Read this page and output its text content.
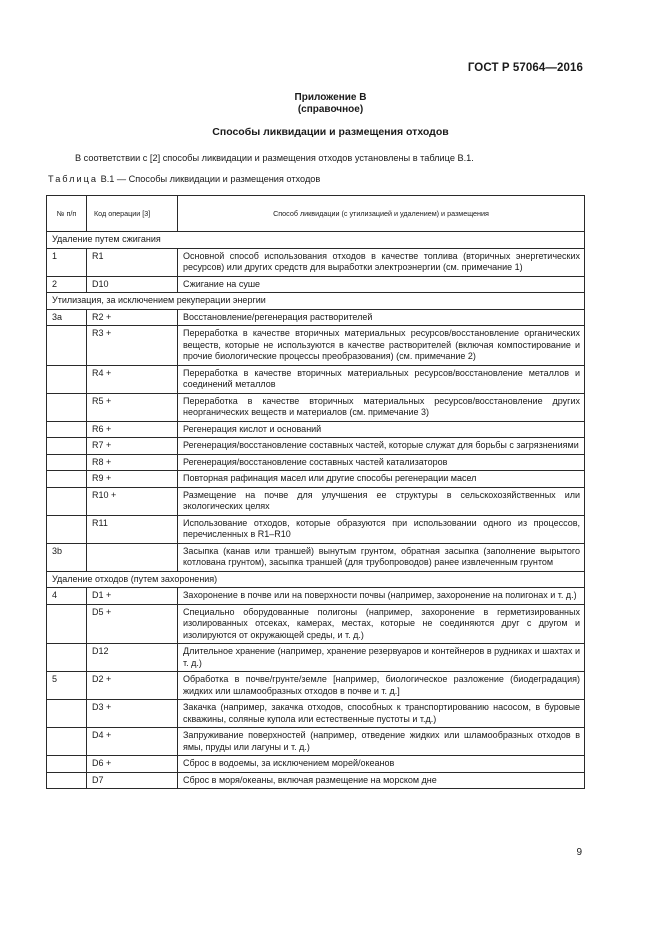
ГОСТ Р 57064—2016
Приложение В
(справочное)
Способы ликвидации и размещения отходов
В соответствии с [2] способы ликвидации и размещения отходов установлены в таблице В.1.
Таблица В.1 — Способы ликвидации и размещения отходов
№ п/п	Код операции [3]	Способ ликвидации (с утилизацией и удалением) и размещения
Удаление путем сжигания		
1	R1	Основной способ использования отходов в качестве топлива (вторичных энергетических ресурсов) или других средств для выработки электроэнергии (см. примечание 1)
2	D10	Сжигание на суше
Утилизация, за исключением рекуперации энергии		
3a	R2 +	Восстановление/регенерация растворителей
	R3 +	Переработка в качестве вторичных материальных ресурсов/восстановление органических веществ, которые не используются в качестве растворителей (включая компостирование и прочие биологические процессы преобразования) (см. примечание 2)
	R4 +	Переработка в качестве вторичных материальных ресурсов/восстановление металлов и соединений металлов
	R5 +	Переработка в качестве вторичных материальных ресурсов/восстановление других неорганических веществ и материалов (см. примечание 3)
	R6 +	Регенерация кислот и оснований
	R7 +	Регенерация/восстановление составных частей, которые служат для борьбы с загрязнениями
	R8 +	Регенерация/восстановление составных частей катализаторов
	R9 +	Повторная рафинация масел или другие способы регенерации масел
	R10 +	Размещение на почве для улучшения ее структуры в сельскохозяйственных или экологических целях
	R11	Использование отходов, которые образуются при использовании одного из процессов, перечисленных в R1–R10
3b		Засыпка (канав или траншей) вынутым грунтом, обратная засыпка (заполнение вырытого котлована грунтом), засыпка траншей (для трубопроводов) ранее извлеченным грунтом
Удаление отходов (путем захоронения)		
4	D1 +	Захоронение в почве или на поверхности почвы (например, захоронение на полигонах и т. д.)
	D5 +	Специально оборудованные полигоны (например, захоронение в герметизированных изолированных отсеках, камерах, местах, которые не соединяются друг с другом и изолируются от окружающей среды, и т. д.)
	D12	Длительное хранение (например, хранение резервуаров и контейнеров в рудниках и шахтах и т. д.)
5	D2 +	Обработка в почве/грунте/земле [например, биологическое разложение (биодеградация) жидких или шламообразных отходов в почве и т. д.]
	D3 +	Закачка (например, закачка отходов, способных к транспортированию насосом, в буровые скважины, соляные купола или естественные пустоты и т.д.)
	D4 +	Запруживание поверхностей (например, отведение жидких или шламообразных отходов в ямы, пруды или лагуны и т. д.)
	D6 +	Сброс в водоемы, за исключением морей/океанов
	D7	Сброс в моря/океаны, включая размещение на морском дне
9
